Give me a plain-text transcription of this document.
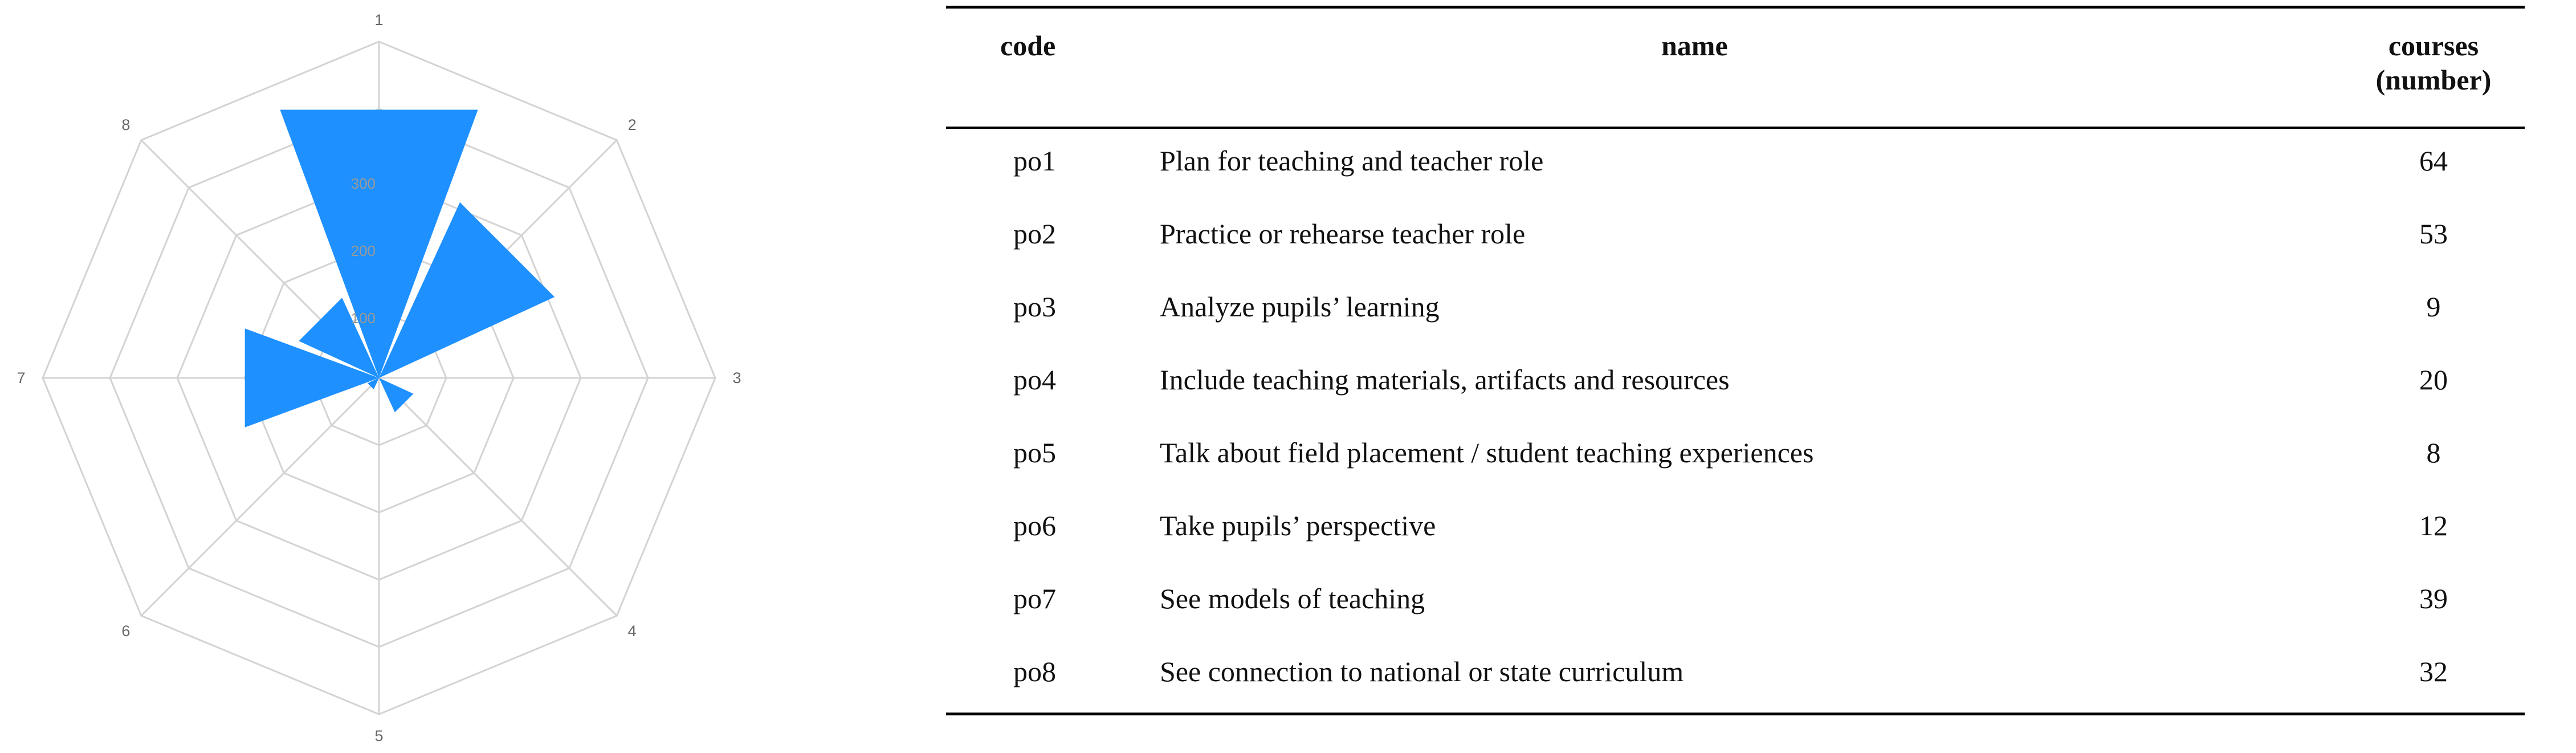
100
200
300
1
2
3
4
5
6
7
8
code	name	courses
(number)
po1	Plan for teaching and teacher role	64
po2	Practice or rehearse teacher role	53
po3	Analyze pupils’ learning	9
po4	Include teaching materials, artifacts and resources	20
po5	Talk about field placement / student teaching experiences	8
po6	Take pupils’ perspective	12
po7	See models of teaching	39
po8	See connection to national or state curriculum	32
